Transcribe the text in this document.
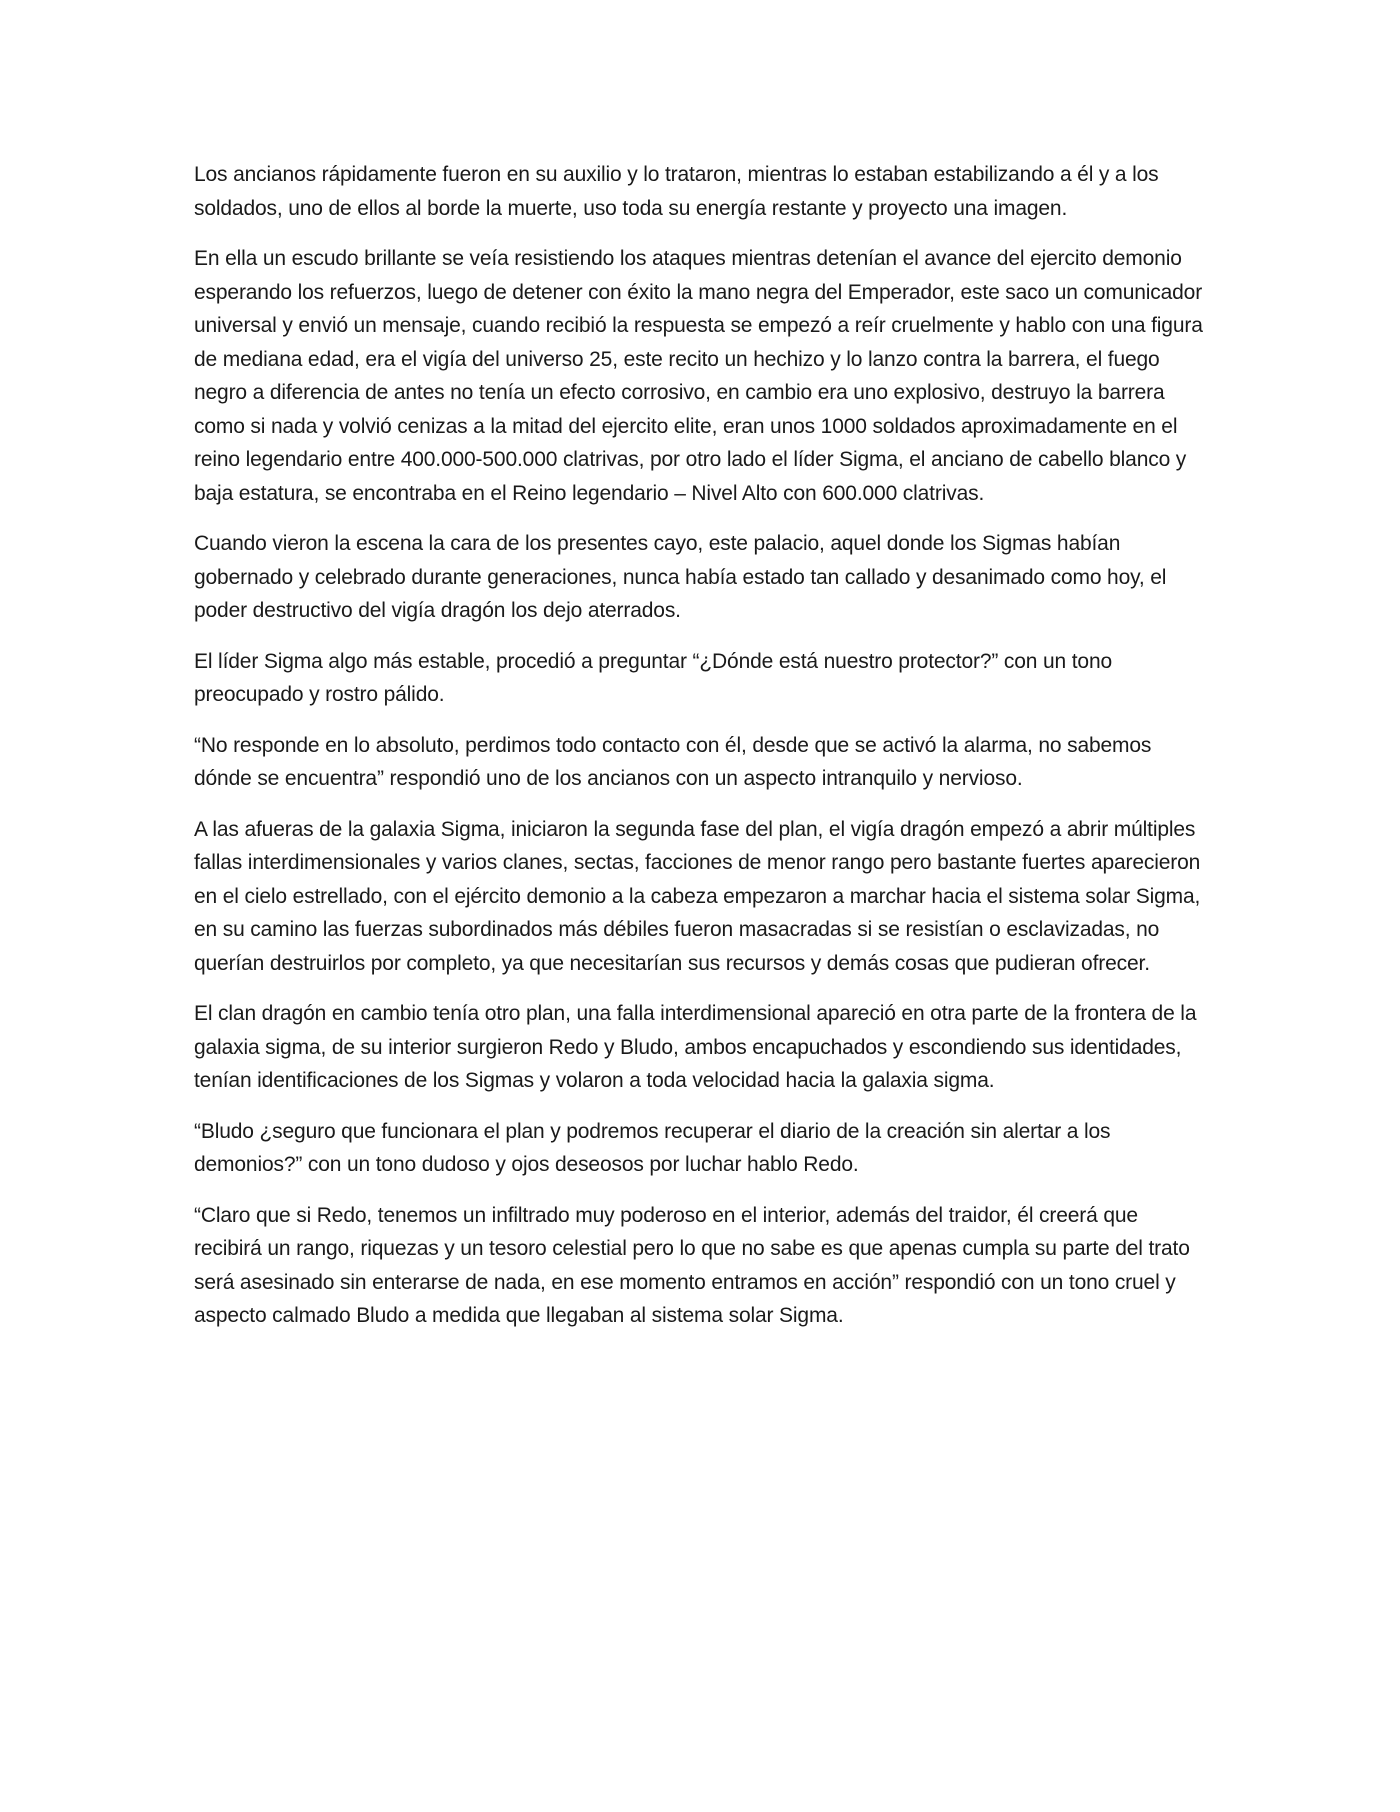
Los ancianos rápidamente fueron en su auxilio y lo trataron, mientras lo estaban estabilizando a él y a los soldados, uno de ellos al borde la muerte, uso toda su energía restante y proyecto una imagen.

En ella un escudo brillante se veía resistiendo los ataques mientras detenían el avance del ejercito demonio esperando los refuerzos, luego de detener con éxito la mano negra del Emperador, este saco un comunicador universal y envió un mensaje, cuando recibió la respuesta se empezó a reír cruelmente y hablo con una figura de mediana edad, era el vigía del universo 25, este recito un hechizo y lo lanzo contra la barrera, el fuego negro a diferencia de antes no tenía un efecto corrosivo, en cambio era uno explosivo, destruyo la barrera como si nada y volvió cenizas a la mitad del ejercito elite, eran unos 1000 soldados aproximadamente en el reino legendario entre 400.000-500.000 clatrivas, por otro lado el líder Sigma, el anciano de cabello blanco y baja estatura, se encontraba en el Reino legendario – Nivel Alto con 600.000 clatrivas.

Cuando vieron la escena la cara de los presentes cayo, este palacio, aquel donde los Sigmas habían gobernado y celebrado durante generaciones, nunca había estado tan callado y desanimado como hoy, el poder destructivo del vigía dragón los dejo aterrados.

El líder Sigma algo más estable, procedió a preguntar “¿Dónde está nuestro protector?” con un tono preocupado y rostro pálido.

“No responde en lo absoluto, perdimos todo contacto con él, desde que se activó la alarma, no sabemos dónde se encuentra” respondió uno de los ancianos con un aspecto intranquilo y nervioso.

A las afueras de la galaxia Sigma, iniciaron la segunda fase del plan, el vigía dragón empezó a abrir múltiples fallas interdimensionales y varios clanes, sectas, facciones de menor rango pero bastante fuertes aparecieron en el cielo estrellado, con el ejército demonio a la cabeza empezaron a marchar hacia el sistema solar Sigma, en su camino las fuerzas subordinados más débiles fueron masacradas si se resistían o esclavizadas, no querían destruirlos por completo, ya que necesitarían sus recursos y demás cosas que pudieran ofrecer.

El clan dragón en cambio tenía otro plan, una falla interdimensional apareció en otra parte de la frontera de la galaxia sigma, de su interior surgieron Redo y Bludo, ambos encapuchados y escondiendo sus identidades, tenían identificaciones de los Sigmas y volaron a toda velocidad hacia la galaxia sigma.

“Bludo ¿seguro que funcionara el plan y podremos recuperar el diario de la creación sin alertar a los demonios?” con un tono dudoso y ojos deseosos por luchar hablo Redo.

“Claro que si Redo, tenemos un infiltrado muy poderoso en el interior, además del traidor, él creerá que recibirá un rango, riquezas y un tesoro celestial pero lo que no sabe es que apenas cumpla su parte del trato será asesinado sin enterarse de nada, en ese momento entramos en acción” respondió con un tono cruel y aspecto calmado Bludo a medida que llegaban al sistema solar Sigma.
